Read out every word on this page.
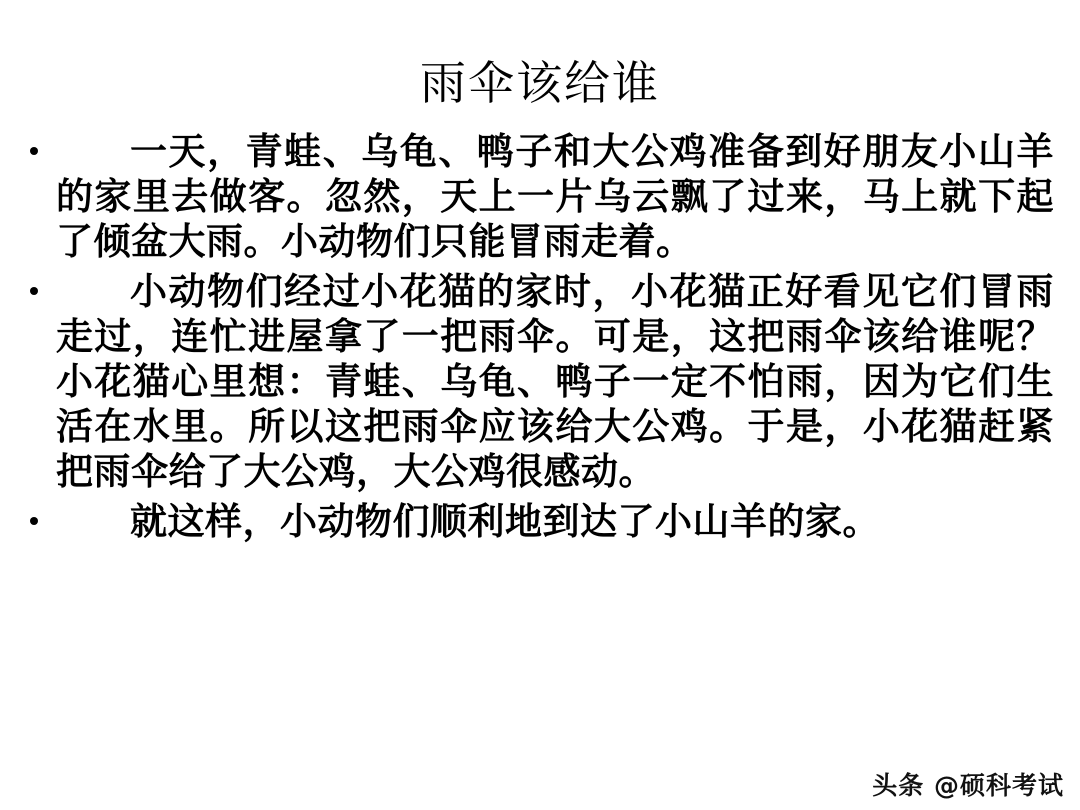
雨伞该给谁
一天，青蛙、乌龟、鸭子和大公鸡准备到好朋友小山羊的家里去做客。忽然，天上一片乌云飘了过来，马上就下起了倾盆大雨。小动物们只能冒雨走着。
小动物们经过小花猫的家时，小花猫正好看见它们冒雨走过，连忙进屋拿了一把雨伞。可是，这把雨伞该给谁呢？小花猫心里想：青蛙、乌龟、鸭子一定不怕雨，因为它们生活在水里。所以这把雨伞应该给大公鸡。于是，小花猫赶紧把雨伞给了大公鸡，大公鸡很感动。
就这样，小动物们顺利地到达了小山羊的家。
头条 @硕科考试
